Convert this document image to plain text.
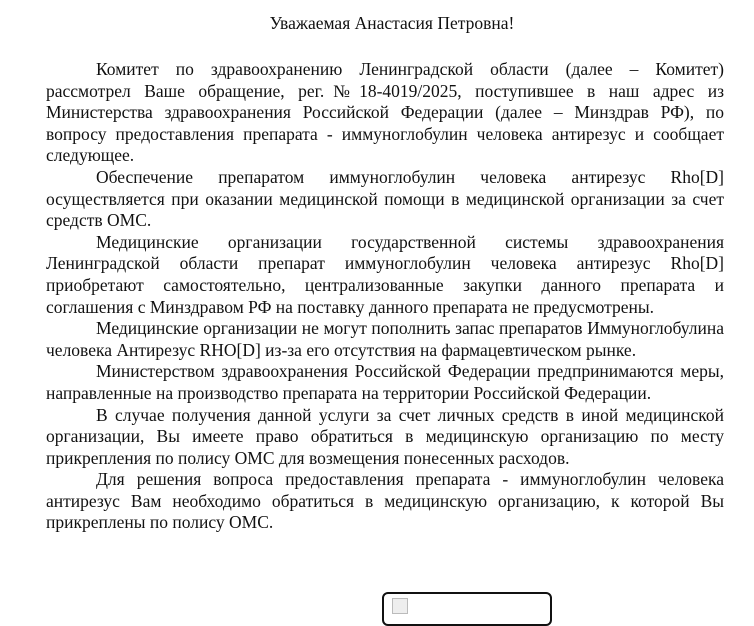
Уважаемая Анастасия Петровна!

Комитет по здравоохранению Ленинградской области (далее – Комитет) рассмотрел Ваше обращение, рег.№18-4019/2025, поступившее в наш адрес из Министерства здравоохранения Российской Федерации (далее – Минздрав РФ), по вопросу предоставления препарата - иммуноглобулин человека антирезус и сообщает следующее.

Обеспечение препаратом иммуноглобулин человека антирезус Rho[D] осуществляется при оказании медицинской помощи в медицинской организации за счет средств ОМС.

Медицинские организации государственной системы здравоохранения Ленинградской области препарат иммуноглобулин человека антирезус Rho[D] приобретают самостоятельно, централизованные закупки данного препарата и соглашения с Минздравом РФ на поставку данного препарата не предусмотрены.

Медицинские организации не могут пополнить запас препаратов Иммуноглобулина человека Антирезус RHO[D] из-за его отсутствия на фармацевтическом рынке.

Министерством здравоохранения Российской Федерации предпринимаются меры, направленные на производство препарата на территории Российской Федерации.

В случае получения данной услуги за счет личных средств в иной медицинской организации, Вы имеете право обратиться в медицинскую организацию по месту прикрепления по полису ОМС для возмещения понесенных расходов.

Для решения вопроса предоставления препарата - иммуноглобулин человека антирезус Вам необходимо обратиться в медицинскую организацию, к которой Вы прикреплены по полису ОМС.
